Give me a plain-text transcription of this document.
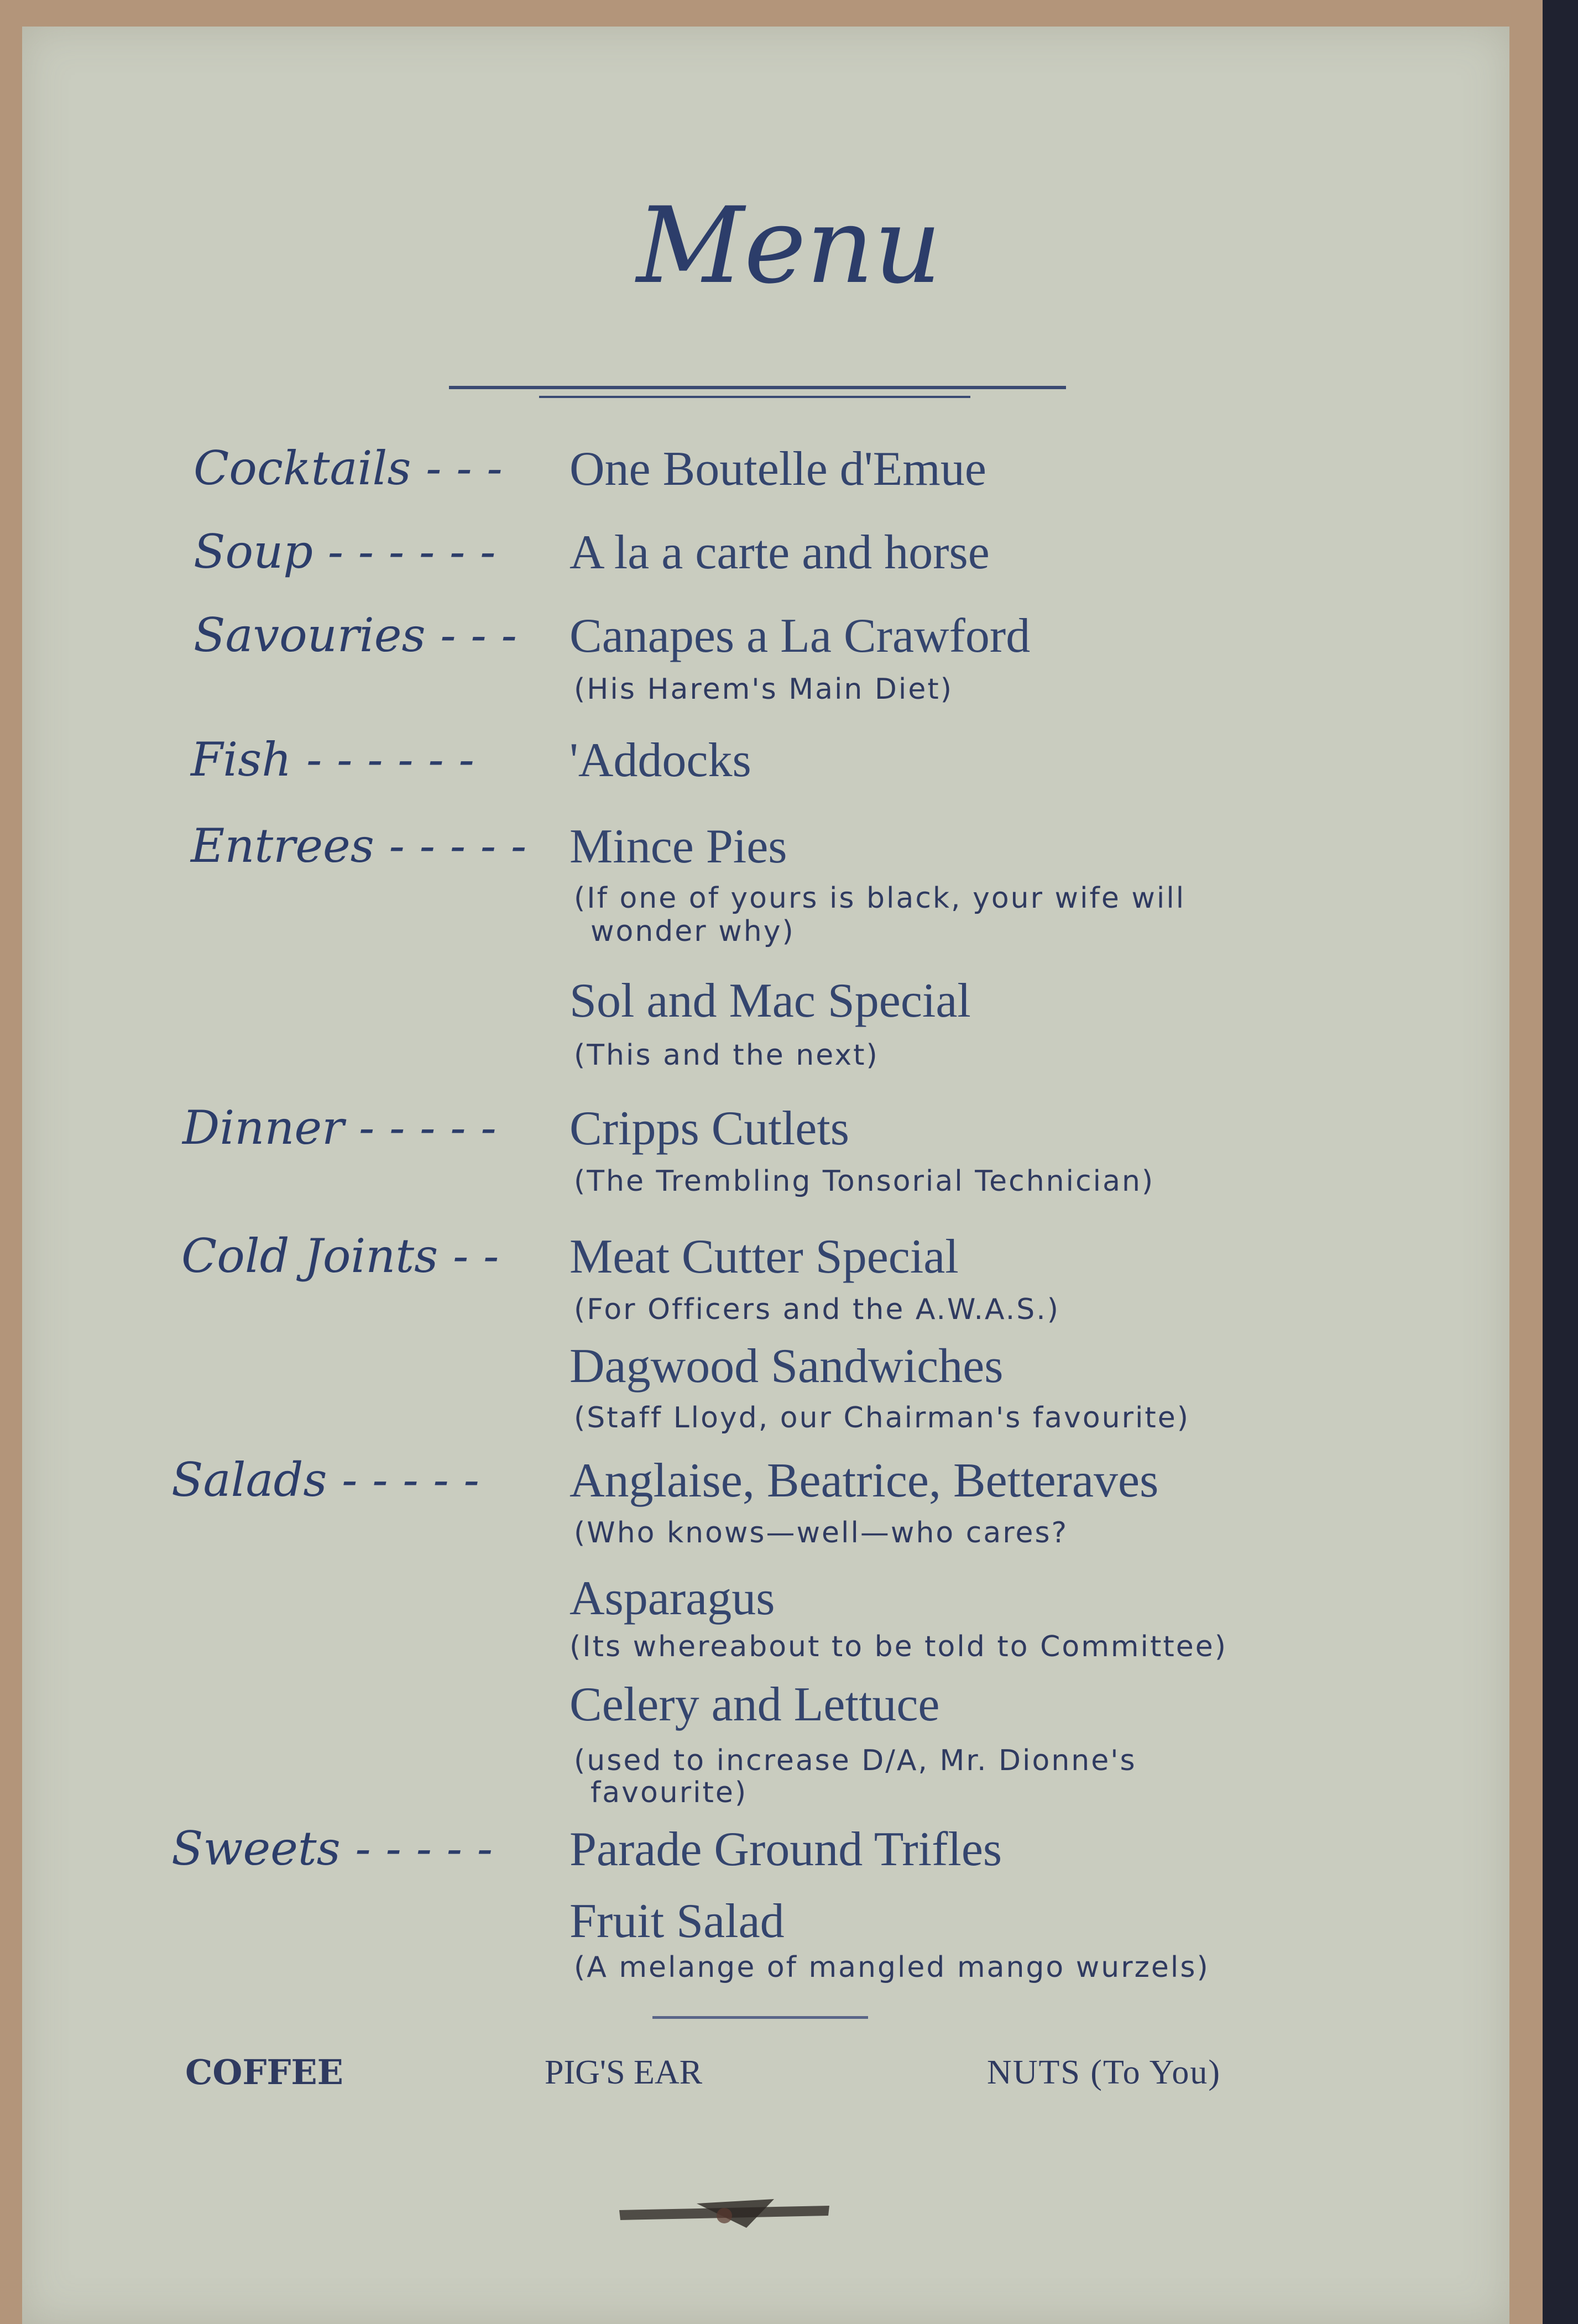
Menu
Cocktails - - - One Boutelle d'Emue
Soup - - - - - - A la a carte and horse
Savouries - - - Canapes a La Crawford
(His Harem's Main Diet)
Fish - - - - - - 'Addocks
Entrees - - - - - Mince Pies
(If one of yours is black, your wife will
wonder why)
Sol and Mac Special
(This and the next)
Dinner - - - - - Cripps Cutlets
(The Trembling Tonsorial Technician)
Cold Joints - - Meat Cutter Special
(For Officers and the A.W.A.S.)
Dagwood Sandwiches
(Staff Lloyd, our Chairman's favourite)
Salads - - - - - Anglaise, Beatrice, Betteraves
(Who knows—well—who cares?
Asparagus
(Its whereabout to be told to Committee)
Celery and Lettuce
(used to increase D/A, Mr. Dionne's
favourite)
Sweets - - - - - Parade Ground Trifles
Fruit Salad
(A melange of mangled mango wurzels)
COFFEE	PIG'S EAR	NUTS (To You)
